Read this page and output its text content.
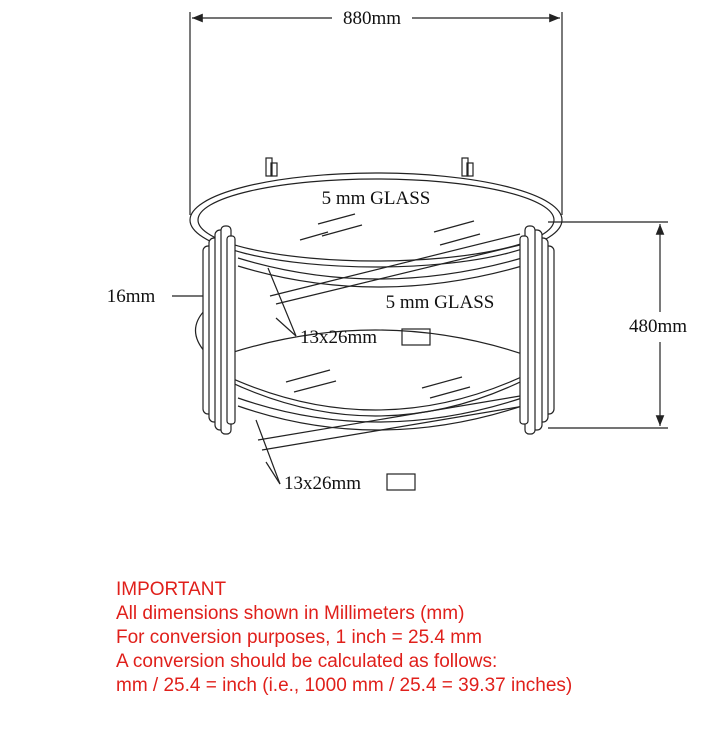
880mm
480mm
16mm
5 mm GLASS
5 mm GLASS
13x26mm
13x26mm
IMPORTANT
All dimensions shown in Millimeters (mm)
For conversion purposes, 1 inch = 25.4 mm
A conversion should be calculated as follows:
mm / 25.4 = inch (i.e., 1000 mm / 25.4 = 39.37 inches)
